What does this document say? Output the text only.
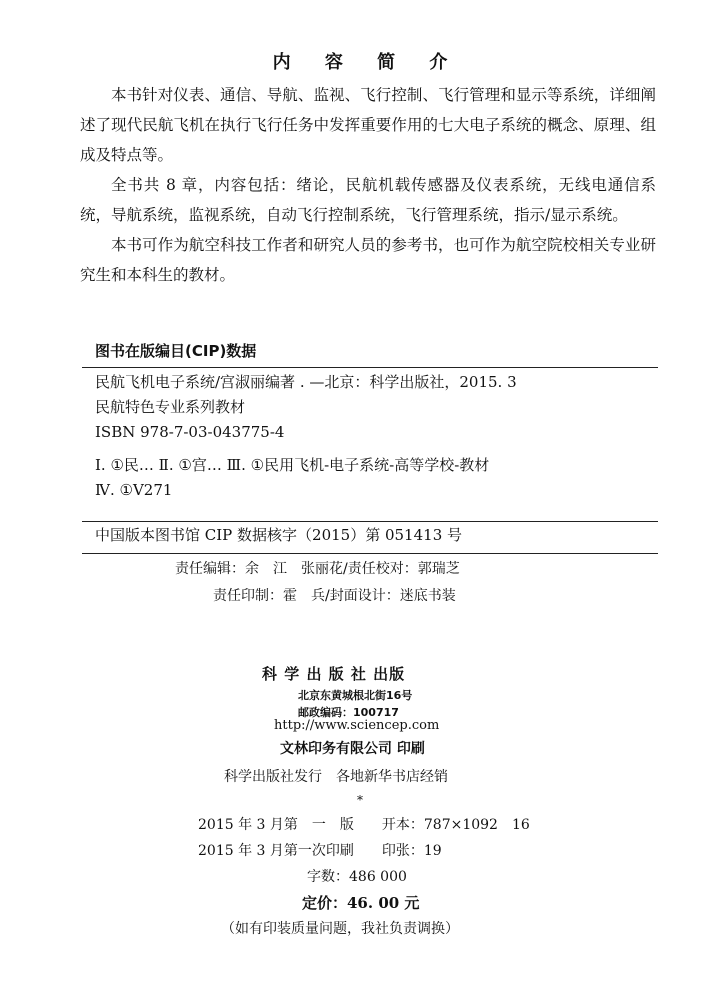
内 容 简 介

本书针对仪表、通信、导航、监视、飞行控制、飞行管理和显示等系统，详细阐述了现代民航飞机在执行飞行任务中发挥重要作用的七大电子系统的概念、原理、组成及特点等。

全书共 8 章，内容包括：绪论，民航机载传感器及仪表系统，无线电通信系统，导航系统，监视系统，自动飞行控制系统，飞行管理系统，指示/显示系统。

本书可作为航空科技工作者和研究人员的参考书，也可作为航空院校相关专业研究生和本科生的教材。

图书在版编目(CIP)数据
民航飞机电子系统/宫淑丽编著 . —北京：科学出版社，2015. 3
民航特色专业系列教材
ISBN 978-7-03-043775-4
Ⅰ. ①民… Ⅱ. ①宫… Ⅲ. ①民用飞机-电子系统-高等学校-教材
Ⅳ. ①V271
中国版本图书馆 CIP 数据核字（2015）第 051413 号
责任编辑：余　江　张丽花/责任校对：郭瑞芝
责任印制：霍　兵/封面设计：迷底书装
科 学 出 版 社 出版
北京东黄城根北街16号
邮政编码：100717
http://www.sciencep.com
文林印务有限公司 印刷
科学出版社发行　各地新华书店经销
*
2015 年 3 月第　一　版　　开本：787×1092　16
2015 年 3 月第一次印刷　　印张：19
字数：486 000
定价：46. 00 元
（如有印装质量问题，我社负责调换）
